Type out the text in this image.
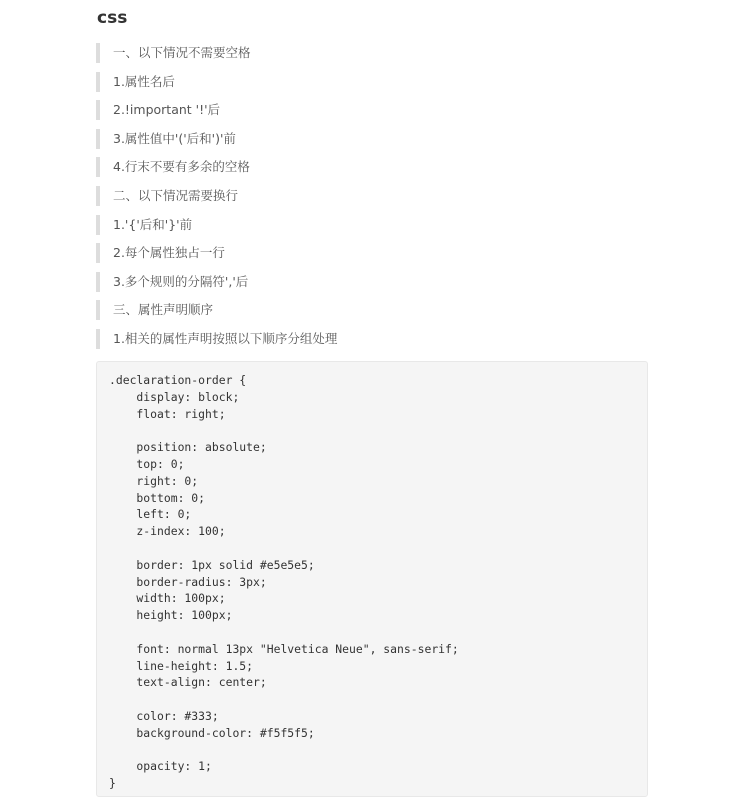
css
一、以下情况不需要空格
1.属性名后
2.!important '!'后
3.属性值中'('后和')'前
4.行末不要有多余的空格
二、以下情况需要换行
1.'{'后和'}'前
2.每个属性独占一行
3.多个规则的分隔符','后
三、属性声明顺序
1.相关的属性声明按照以下顺序分组处理
.declaration-order {
display: block;
float: right;

position: absolute;
top: 0;
right: 0;
bottom: 0;
left: 0;
z-index: 100;

border: 1px solid #e5e5e5;
border-radius: 3px;
width: 100px;
height: 100px;

font: normal 13px "Helvetica Neue", sans-serif;
line-height: 1.5;
text-align: center;

color: #333;
background-color: #f5f5f5;

opacity: 1;
}
